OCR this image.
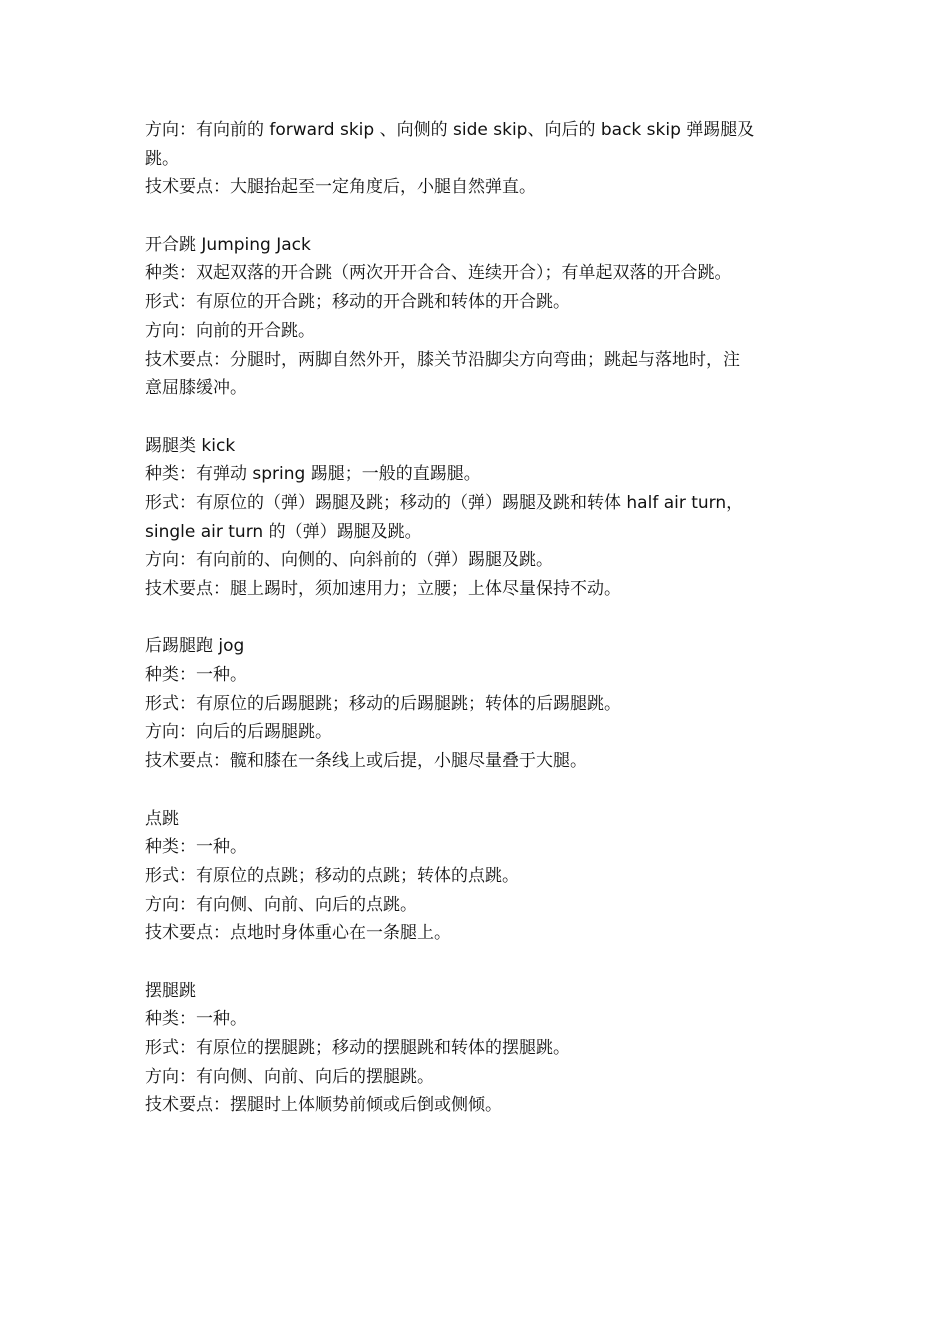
方向：有向前的 forward skip 、向侧的 side skip、向后的 back skip 弹踢腿及
跳。
技术要点：大腿抬起至一定角度后，小腿自然弹直。
开合跳 Jumping Jack
种类：双起双落的开合跳（两次开开合合、连续开合）；有单起双落的开合跳。
形式：有原位的开合跳；移动的开合跳和转体的开合跳。
方向：向前的开合跳。
技术要点：分腿时，两脚自然外开，膝关节沿脚尖方向弯曲；跳起与落地时，注
意屈膝缓冲。
踢腿类 kick
种类：有弹动 spring 踢腿；一般的直踢腿。
形式：有原位的（弹）踢腿及跳；移动的（弹）踢腿及跳和转体 half air turn，
single air turn 的（弹）踢腿及跳。
方向：有向前的、向侧的、向斜前的（弹）踢腿及跳。
技术要点：腿上踢时，须加速用力；立腰；上体尽量保持不动。
后踢腿跑 jog
种类：一种。
形式：有原位的后踢腿跳；移动的后踢腿跳；转体的后踢腿跳。
方向：向后的后踢腿跳。
技术要点：髋和膝在一条线上或后提，小腿尽量叠于大腿。
点跳
种类：一种。
形式：有原位的点跳；移动的点跳；转体的点跳。
方向：有向侧、向前、向后的点跳。
技术要点：点地时身体重心在一条腿上。
摆腿跳
种类：一种。
形式：有原位的摆腿跳；移动的摆腿跳和转体的摆腿跳。
方向：有向侧、向前、向后的摆腿跳。
技术要点：摆腿时上体顺势前倾或后倒或侧倾。
